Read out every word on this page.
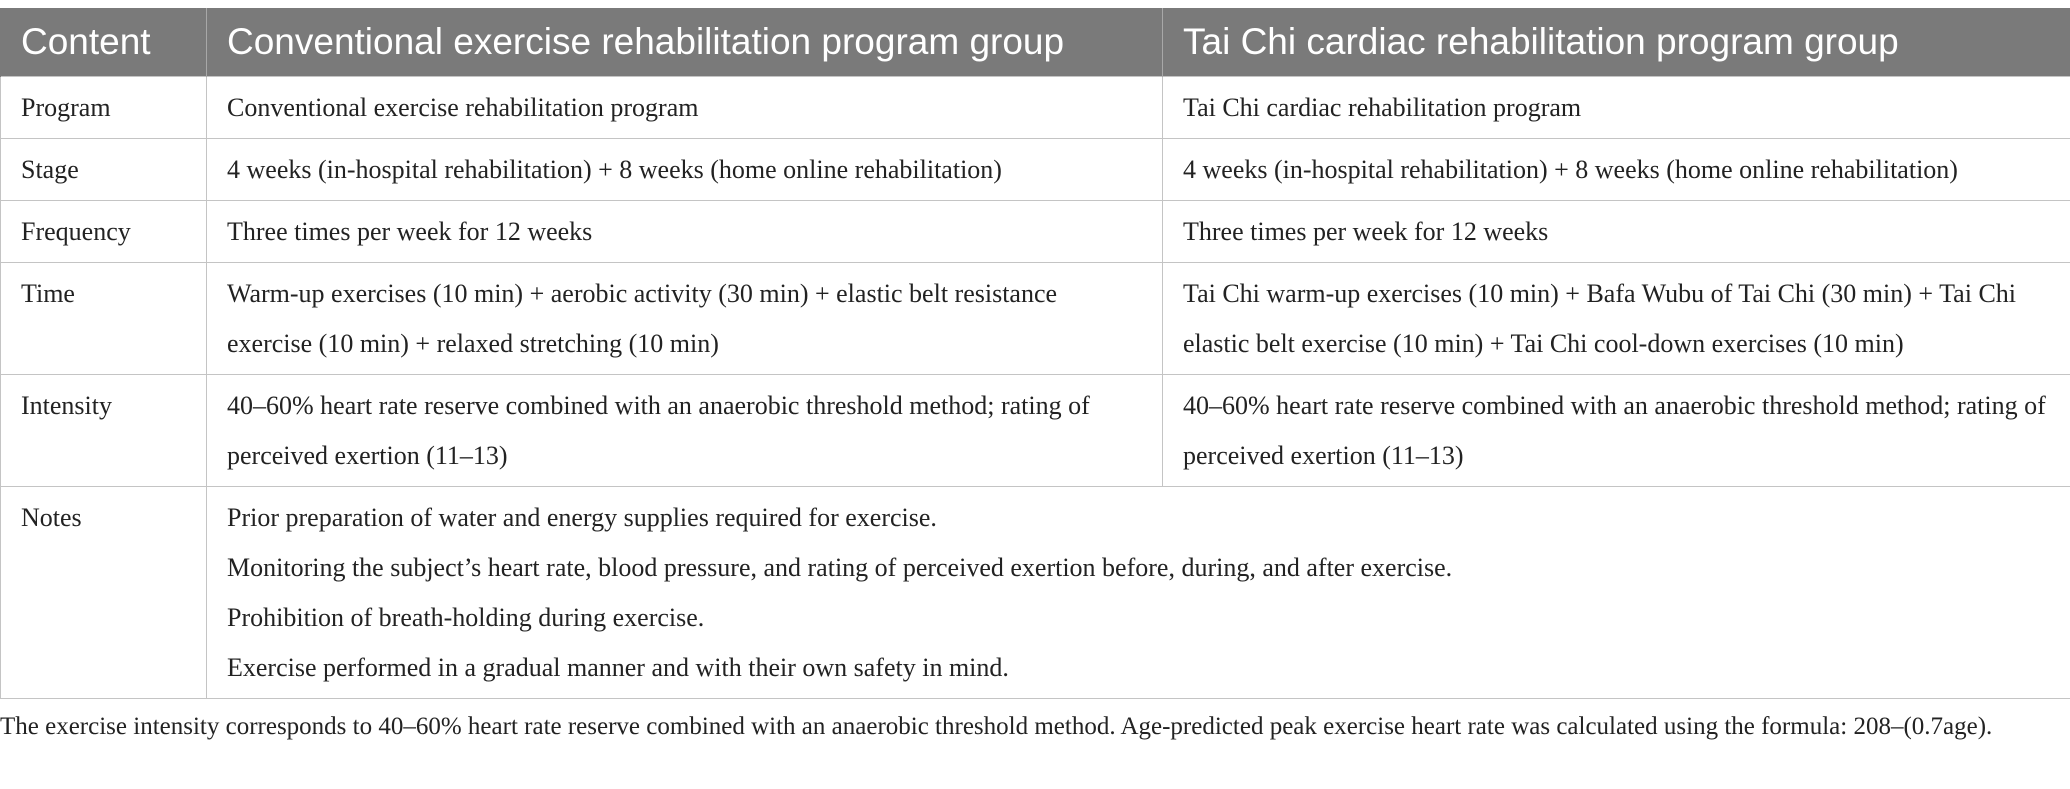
Content	Conventional exercise rehabilitation program group	Tai Chi cardiac rehabilitation program group
Program	Conventional exercise rehabilitation program	Tai Chi cardiac rehabilitation program
Stage	4 weeks (in-hospital rehabilitation) + 8 weeks (home online rehabilitation)	4 weeks (in-hospital rehabilitation) + 8 weeks (home online rehabilitation)
Frequency	Three times per week for 12 weeks	Three times per week for 12 weeks
Time	Warm-up exercises (10 min) + aerobic activity (30 min) + elastic belt resistance exercise (10 min) + relaxed stretching (10 min)	Tai Chi warm-up exercises (10 min) + Bafa Wubu of Tai Chi (30 min) + Tai Chi elastic belt exercise (10 min) + Tai Chi cool-down exercises (10 min)
Intensity	40–60% heart rate reserve combined with an anaerobic threshold method; rating of perceived exertion (11–13)	40–60% heart rate reserve combined with an anaerobic threshold method; rating of perceived exertion (11–13)
Notes	Prior preparation of water and energy supplies required for exercise.
Monitoring the subject’s heart rate, blood pressure, and rating of perceived exertion before, during, and after exercise.
Prohibition of breath-holding during exercise.
Exercise performed in a gradual manner and with their own safety in mind.	
The exercise intensity corresponds to 40–60% heart rate reserve combined with an anaerobic threshold method. Age-predicted peak exercise heart rate was calculated using the formula: 208–(0.7age).
